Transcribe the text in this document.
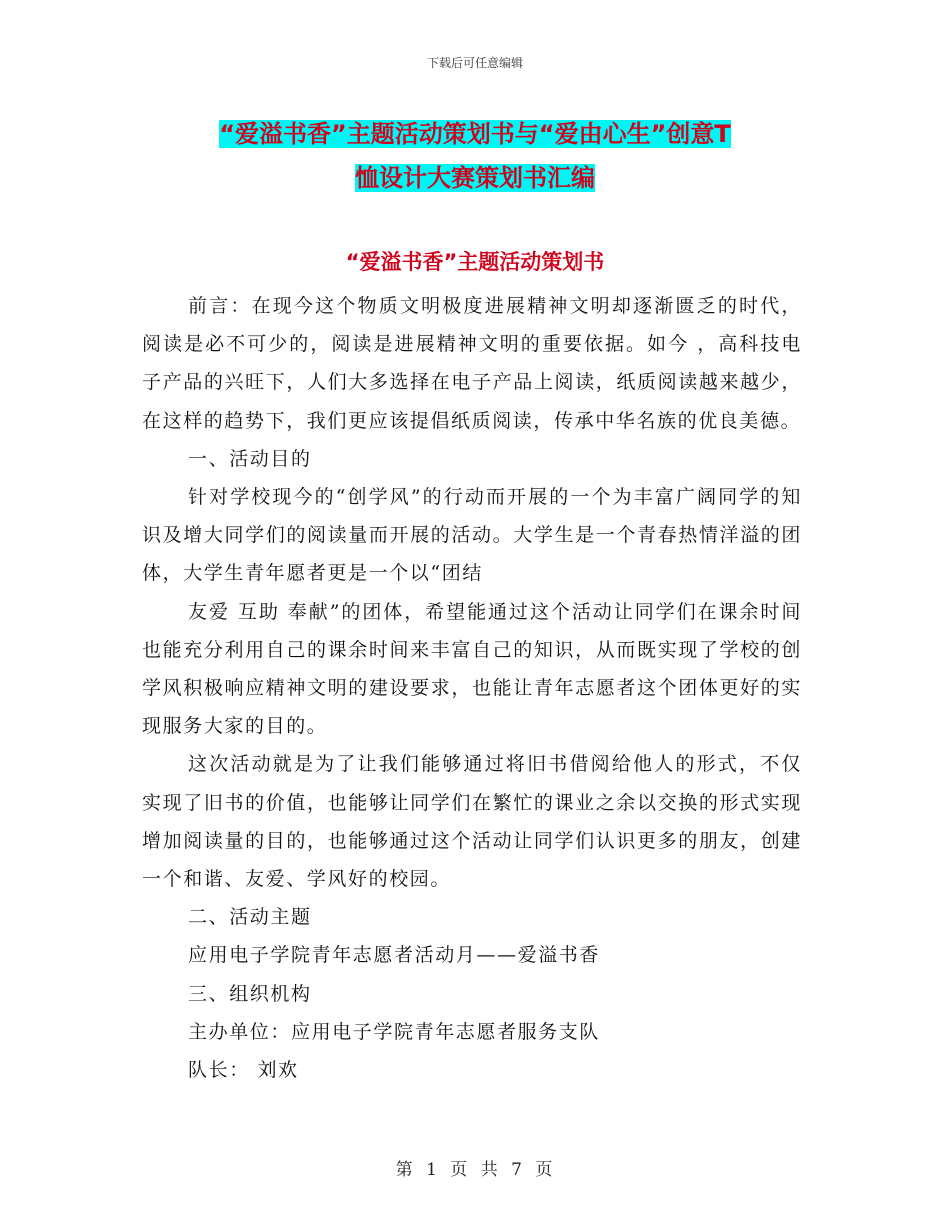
下载后可任意编辑
“爱溢书香”主题活动策划书与“爱由心生”创意T
恤设计大赛策划书汇编
“爱溢书香”主题活动策划书

前言：在现今这个物质文明极度进展精神文明却逐渐匮乏的时代，阅读是必不可少的，阅读是进展精神文明的重要依据。如今 ，高科技电子产品的兴旺下，人们大多选择在电子产品上阅读，纸质阅读越来越少，在这样的趋势下，我们更应该提倡纸质阅读，传承中华名族的优良美德。

一、活动目的

针对学校现今的“创学风”的行动而开展的一个为丰富广阔同学的知识及增大同学们的阅读量而开展的活动。大学生是一个青春热情洋溢的团体，大学生青年愿者更是一个以“团结

友爱 互助 奉献”的团体，希望能通过这个活动让同学们在课余时间也能充分利用自己的课余时间来丰富自己的知识，从而既实现了学校的创学风积极响应精神文明的建设要求，也能让青年志愿者这个团体更好的实现服务大家的目的。

这次活动就是为了让我们能够通过将旧书借阅给他人的形式，不仅实现了旧书的价值，也能够让同学们在繁忙的课业之余以交换的形式实现增加阅读量的目的，也能够通过这个活动让同学们认识更多的朋友，创建一个和谐、友爱、学风好的校园。

二、活动主题

应用电子学院青年志愿者活动月——爱溢书香

三、组织机构

主办单位：应用电子学院青年志愿者服务支队

队长： 刘欢

第 1 页 共 7 页
